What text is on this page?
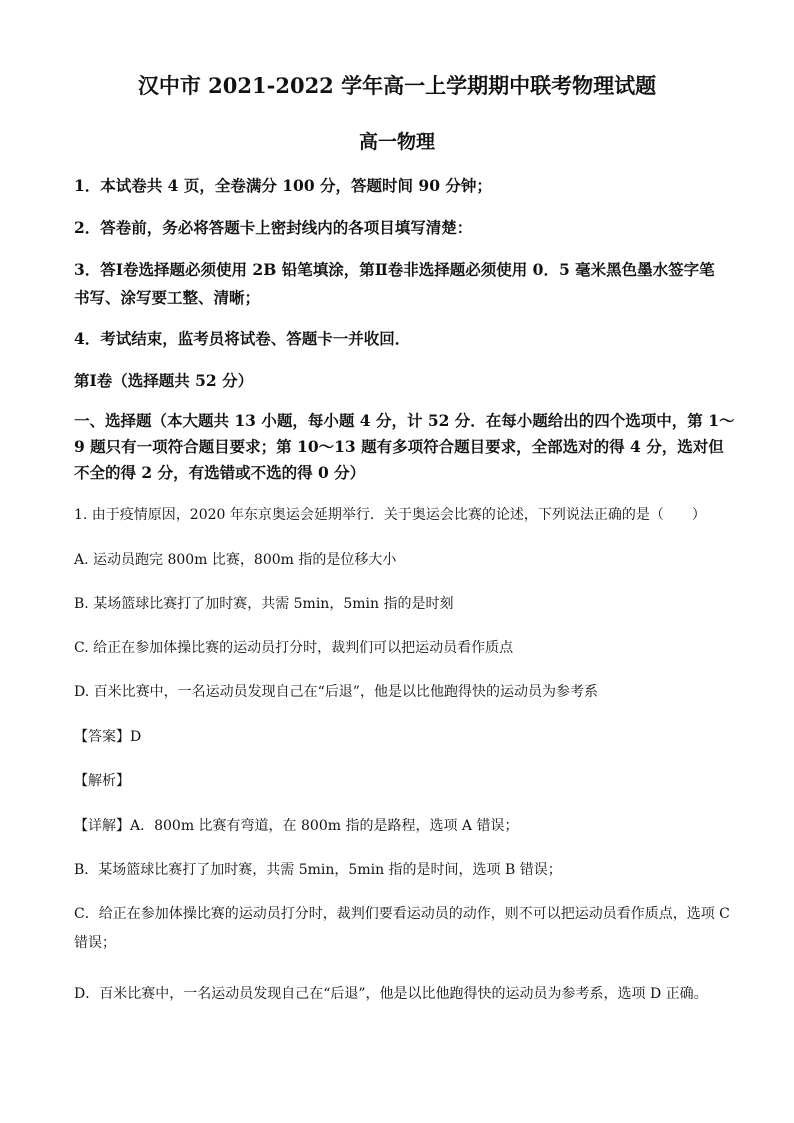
汉中市 2021-2022 学年高一上学期期中联考物理试题
高一物理
1．本试卷共 4 页，全卷满分 100 分，答题时间 90 分钟；
2．答卷前，务必将答题卡上密封线内的各项目填写清楚：
3．答Ⅰ卷选择题必须使用 2B 铅笔填涂，第Ⅱ卷非选择题必须使用 0．5 毫米黑色墨水签字笔
书写、涂写要工整、清晰；
4．考试结束，监考员将试卷、答题卡一并收回．
第Ⅰ卷（选择题共 52 分）
一、选择题（本大题共 13 小题，每小题 4 分，计 52 分．在每小题给出的四个选项中，第 1～
9 题只有一项符合题目要求；第 10～13 题有多项符合题目要求，全部选对的得 4 分，选对但
不全的得 2 分，有选错或不选的得 0 分）
1. 由于疫情原因，2020 年东京奥运会延期举行．关于奥运会比赛的论述，下列说法正确的是（　　）
A. 运动员跑完 800m 比赛，800m 指的是位移大小
B. 某场篮球比赛打了加时赛，共需 5min，5min 指的是时刻
C. 给正在参加体操比赛的运动员打分时，裁判们可以把运动员看作质点
D. 百米比赛中，一名运动员发现自己在“后退”，他是以比他跑得快的运动员为参考系
【答案】D
【解析】
【详解】A．800m 比赛有弯道，在 800m 指的是路程，选项 A 错误；
B．某场篮球比赛打了加时赛，共需 5min，5min 指的是时间，选项 B 错误；
C．给正在参加体操比赛的运动员打分时，裁判们要看运动员的动作，则不可以把运动员看作质点，选项 C
错误；
D．百米比赛中，一名运动员发现自己在“后退”，他是以比他跑得快的运动员为参考系，选项 D 正确。
